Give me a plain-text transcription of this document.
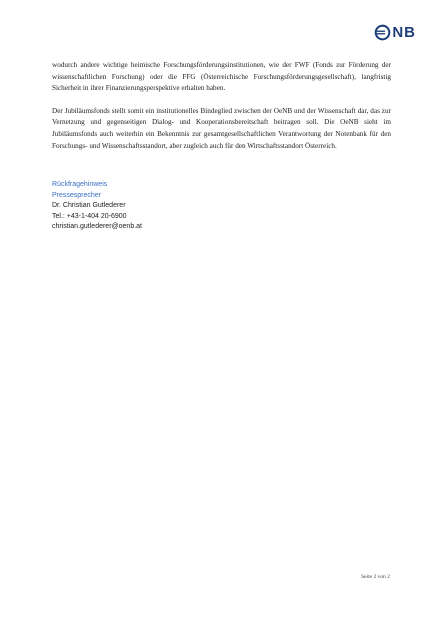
NB

wodurch andere wichtige heimische Forschungsförderungsinstitutionen, wie der FWF (Fonds zur Förderung der wissenschaftlichen Forschung) oder die FFG (Österreichische Forschungsförderungsgesellschaft), langfristig Sicherheit in ihrer Finanzierungsperspektive erhalten haben.

Der Jubiläumsfonds stellt somit ein institutionelles Bindeglied zwischen der OeNB und der Wissenschaft dar, das zur Vernetzung und gegenseitigen Dialog- und Kooperationsbereitschaft beitragen soll. Die OeNB sieht im Jubiläumsfonds auch weiterhin ein Bekenntnis zur gesamtgesellschaftlichen Verantwortung der Notenbank für den Forschungs- und Wissenschaftsstandort, aber zugleich auch für den Wirtschaftsstandort Österreich.

Rückfragehinweis
Pressesprecher
Dr. Christian Gutlederer
Tel.: +43-1-404 20-6900
christian.gutlederer@oenb.at
Seite 2 von 2
